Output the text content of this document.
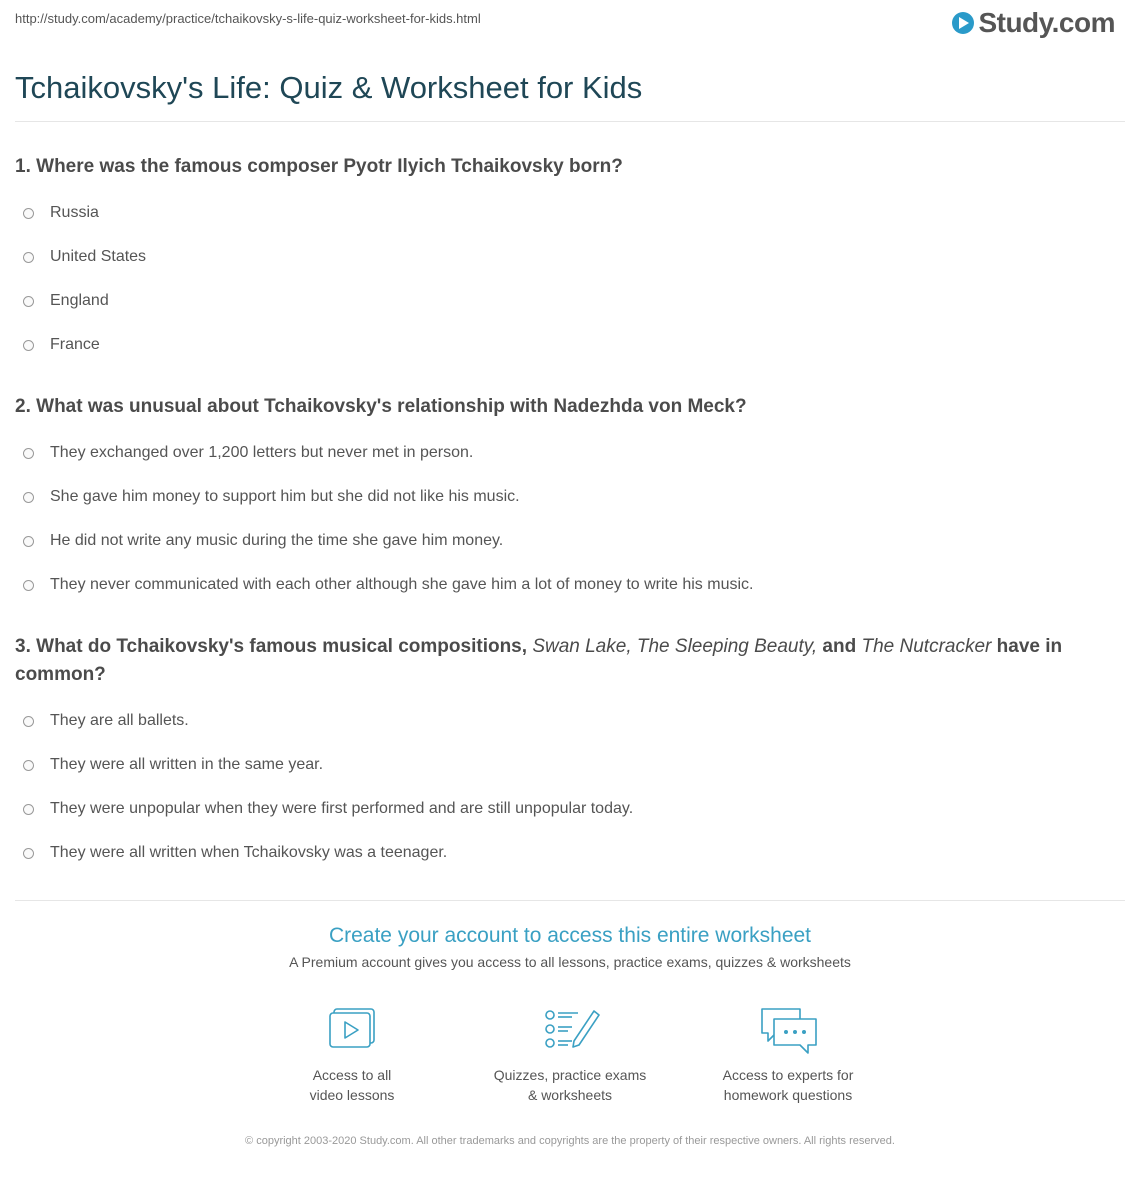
http://study.com/academy/practice/tchaikovsky-s-life-quiz-worksheet-for-kids.html	Study.com
Tchaikovsky's Life: Quiz & Worksheet for Kids

1. Where was the famous composer Pyotr Ilyich Tchaikovsky born?

Russia
United States
England
France

2. What was unusual about Tchaikovsky's relationship with Nadezhda von Meck?

They exchanged over 1,200 letters but never met in person.
She gave him money to support him but she did not like his music.
He did not write any music during the time she gave him money.
They never communicated with each other although she gave him a lot of money to write his music.

3. What do Tchaikovsky's famous musical compositions, Swan Lake, The Sleeping Beauty, and The Nutcracker have in common?

They are all ballets.
They were all written in the same year.
They were unpopular when they were first performed and are still unpopular today.
They were all written when Tchaikovsky was a teenager.

Create your account to access this entire worksheet

A Premium account gives you access to all lessons, practice exams, quizzes & worksheets

Access to all
video lessons
Quizzes, practice exams
& worksheets
Access to experts for
homework questions
© copyright 2003-2020 Study.com. All other trademarks and copyrights are the property of their respective owners. All rights reserved.
